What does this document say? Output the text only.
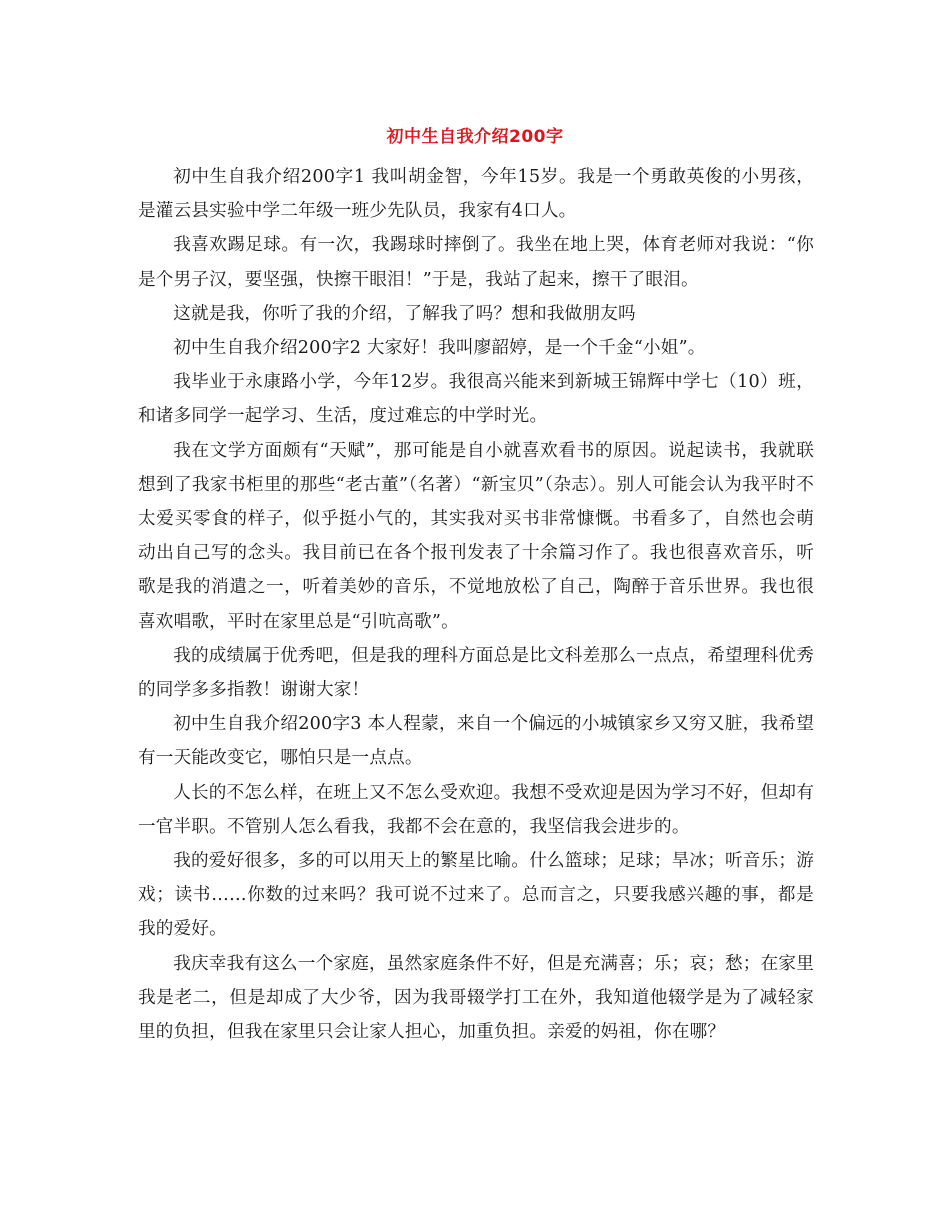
初中生自我介绍200字

初中生自我介绍200字1 我叫胡金智，今年15岁。我是一个勇敢英俊的小男孩，是灌云县实验中学二年级一班少先队员，我家有4口人。

我喜欢踢足球。有一次，我踢球时摔倒了。我坐在地上哭，体育老师对我说：“你是个男子汉，要坚强，快擦干眼泪！”于是，我站了起来，擦干了眼泪。

这就是我，你听了我的介绍，了解我了吗？想和我做朋友吗

初中生自我介绍200字2 大家好！我叫廖韶婷，是一个千金“小姐”。

我毕业于永康路小学，今年12岁。我很高兴能来到新城王锦辉中学七（10）班，和诸多同学一起学习、生活，度过难忘的中学时光。

我在文学方面颇有“天赋”，那可能是自小就喜欢看书的原因。说起读书，我就联想到了我家书柜里的那些“老古董”（名著）“新宝贝”（杂志）。别人可能会认为我平时不太爱买零食的样子，似乎挺小气的，其实我对买书非常慷慨。书看多了，自然也会萌动出自己写的念头。我目前已在各个报刊发表了十余篇习作了。我也很喜欢音乐，听歌是我的消遣之一，听着美妙的音乐，不觉地放松了自己，陶醉于音乐世界。我也很喜欢唱歌，平时在家里总是“引吭高歌”。

我的成绩属于优秀吧，但是我的理科方面总是比文科差那么一点点，希望理科优秀的同学多多指教！谢谢大家！

初中生自我介绍200字3 本人程蒙，来自一个偏远的小城镇家乡又穷又脏，我希望有一天能改变它，哪怕只是一点点。

人长的不怎么样，在班上又不怎么受欢迎。我想不受欢迎是因为学习不好，但却有一官半职。不管别人怎么看我，我都不会在意的，我坚信我会进步的。

我的爱好很多，多的可以用天上的繁星比喻。什么篮球；足球；旱冰；听音乐；游戏；读书……你数的过来吗？我可说不过来了。总而言之，只要我感兴趣的事，都是我的爱好。

我庆幸我有这么一个家庭，虽然家庭条件不好，但是充满喜；乐；哀；愁；在家里我是老二，但是却成了大少爷，因为我哥辍学打工在外，我知道他辍学是为了减轻家里的负担，但我在家里只会让家人担心，加重负担。亲爱的妈祖，你在哪？
